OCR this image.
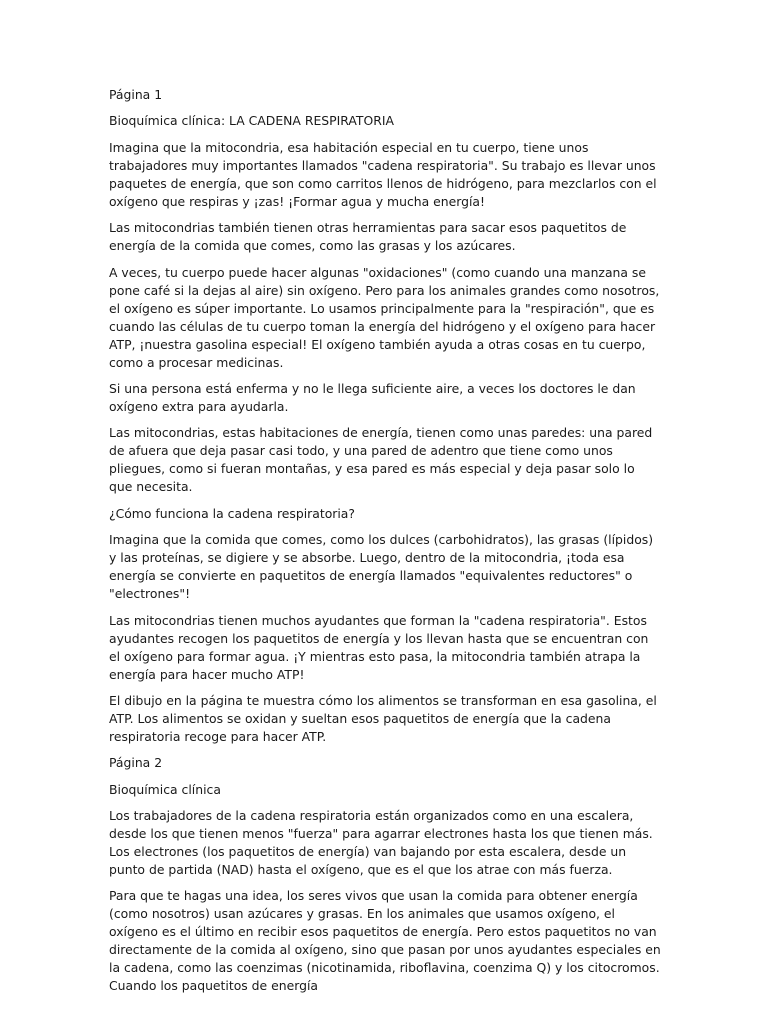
Página 1

Bioquímica clínica: LA CADENA RESPIRATORIA

Imagina que la mitocondria, esa habitación especial en tu cuerpo, tiene unos trabajadores muy importantes llamados "cadena respiratoria". Su trabajo es llevar unos paquetes de energía, que son como carritos llenos de hidrógeno, para mezclarlos con el oxígeno que respiras y ¡zas! ¡Formar agua y mucha energía!

Las mitocondrias también tienen otras herramientas para sacar esos paquetitos de energía de la comida que comes, como las grasas y los azúcares.

A veces, tu cuerpo puede hacer algunas "oxidaciones" (como cuando una manzana se pone café si la dejas al aire) sin oxígeno. Pero para los animales grandes como nosotros, el oxígeno es súper importante. Lo usamos principalmente para la "respiración", que es cuando las células de tu cuerpo toman la energía del hidrógeno y el oxígeno para hacer ATP, ¡nuestra gasolina especial! El oxígeno también ayuda a otras cosas en tu cuerpo, como a procesar medicinas.

Si una persona está enferma y no le llega suficiente aire, a veces los doctores le dan oxígeno extra para ayudarla.

Las mitocondrias, estas habitaciones de energía, tienen como unas paredes: una pared de afuera que deja pasar casi todo, y una pared de adentro que tiene como unos pliegues, como si fueran montañas, y esa pared es más especial y deja pasar solo lo que necesita.

¿Cómo funciona la cadena respiratoria?

Imagina que la comida que comes, como los dulces (carbohidratos), las grasas (lípidos) y las proteínas, se digiere y se absorbe. Luego, dentro de la mitocondria, ¡toda esa energía se convierte en paquetitos de energía llamados "equivalentes reductores" o "electrones"!

Las mitocondrias tienen muchos ayudantes que forman la "cadena respiratoria". Estos ayudantes recogen los paquetitos de energía y los llevan hasta que se encuentran con el oxígeno para formar agua. ¡Y mientras esto pasa, la mitocondria también atrapa la energía para hacer mucho ATP!

El dibujo en la página te muestra cómo los alimentos se transforman en esa gasolina, el ATP. Los alimentos se oxidan y sueltan esos paquetitos de energía que la cadena respiratoria recoge para hacer ATP.

Página 2

Bioquímica clínica

Los trabajadores de la cadena respiratoria están organizados como en una escalera, desde los que tienen menos "fuerza" para agarrar electrones hasta los que tienen más. Los electrones (los paquetitos de energía) van bajando por esta escalera, desde un punto de partida (NAD) hasta el oxígeno, que es el que los atrae con más fuerza.

Para que te hagas una idea, los seres vivos que usan la comida para obtener energía (como nosotros) usan azúcares y grasas. En los animales que usamos oxígeno, el oxígeno es el último en recibir esos paquetitos de energía. Pero estos paquetitos no van directamente de la comida al oxígeno, sino que pasan por unos ayudantes especiales en la cadena, como las coenzimas (nicotinamida, riboflavina, coenzima Q) y los citocromos. Cuando los paquetitos de energía
